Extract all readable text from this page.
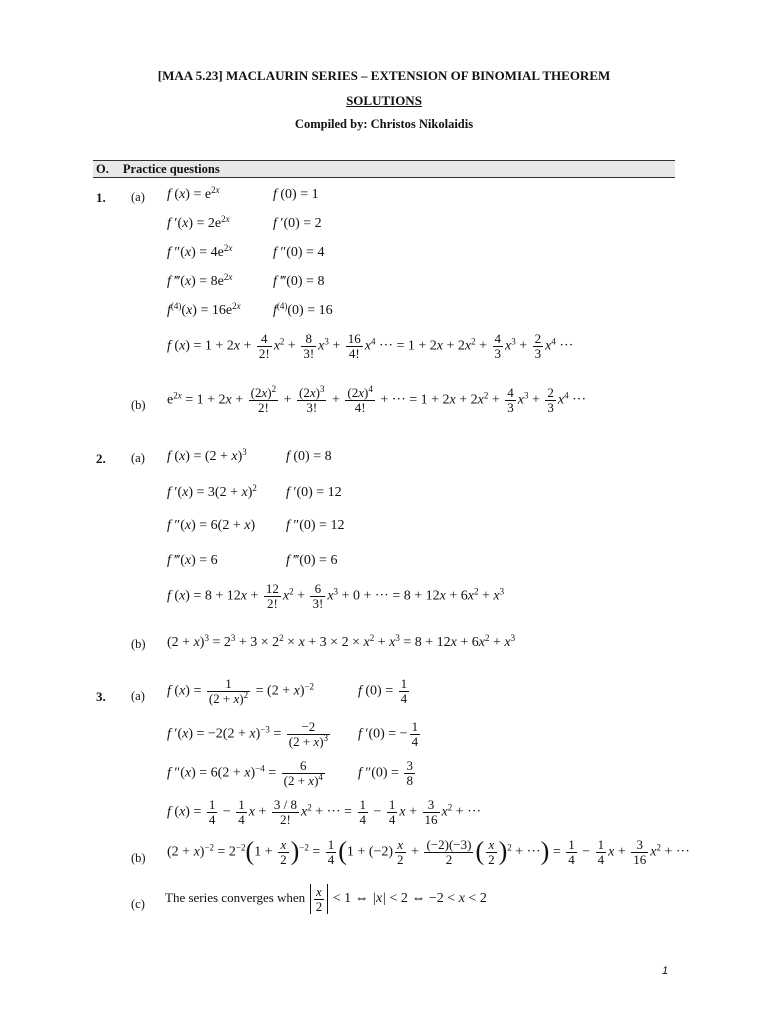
[MAA 5.23] MACLAURIN SERIES – EXTENSION OF BINOMIAL THEOREM
SOLUTIONS
Compiled by: Christos Nikolaidis
O. Practice questions
1. (a) f $(x) = e^{2x}$	f (0) = 1
f $'(x) = 2e^{2x}$	f ′(0) = 2
f $''(x) = 4e^{2x}$	f ″(0) = 4
f ‴(x) = $8e^{2x}$	f ‴(0) = 8
$f^{(4)}(x) = 16e^{2x}$ $f^{(4)}(0) = 16$
f $(x) = 1 + 2x + \frac{4}{2!} x^2 + \frac{8}{3!} x^3 + \frac{16}{4!} x^4$ ··· = $1 + 2x + 2x^2 + \frac{4}{3} x^3 + \frac{2}{3} x^4$ ···
(b) $e^{2x} = 1 + 2x + \frac{(2x)^2}{2!} + \frac{(2x)^3}{3!} + \frac{(2x)^4}{4!}$ + ··· = $1 + 2x + 2x^2 + \frac{4}{3} x^3 + \frac{2}{3} x^4$ ···
2. (a) f $(x) = (2 + x)^3$	f (0) = 8
f $'(x) = 3(2 + x)^2$ f ′(0) = 12
f ″(x) = 6(2 + x) f ″(0) = 12
f ‴(x) = 6	f ‴(0) = 6
f $(x) = 8 + 12x + \frac{12}{2!} x^2 + \frac{6}{3!} x^3 + 0$ + ··· = $8 + 12x + 6x^2 + x^3$
(b) $(2 + x)^3 = 2^3 + 3 \times 2^2 \times x + 3 \times 2 \times x^2 + x^3 = 8 + 12x + 6x^2 + x^3$
3. (a) f $(x) = \frac{1}{(2 + x)^2} = (2 + x)^{-2}$	f $(0) = \frac{1}{4}$
f $'(x) = -2(2 + x)^{-3} = \frac{-2}{(2 + x)^3}$ f ′(0) = − $\frac{1}{4}$
f $''(x) = 6(2 + x)^{-4} = \frac{6}{(2 + x)^4}$ f $''(0) = \frac{3}{8}$
f $(x) = \frac{1}{4} - \frac{1}{4}$ $x + \frac{3 / 8}{2!} x^2$ + ··· = $\frac{1}{4} - \frac{1}{4}$ $x + \frac{3}{16} x^2$ + ···
(b) $(2 + x)^{-2} = 2^{-2}(1 + \frac{x}{2} )^{-2} = \frac{1}{4} (1 + (-2) \frac{x}{2} + \frac{(-2)(-3)}{2}$ ( $\frac{x}{2} )^2$ + ···) = $\frac{1}{4} - \frac{1}{4}$ $x + \frac{3}{16} x^2$ + ···
(c) The series converges when $\frac{x}{2} < 1$ ⇔ |x| < 2 ⇔ −2 < x < 2
1
